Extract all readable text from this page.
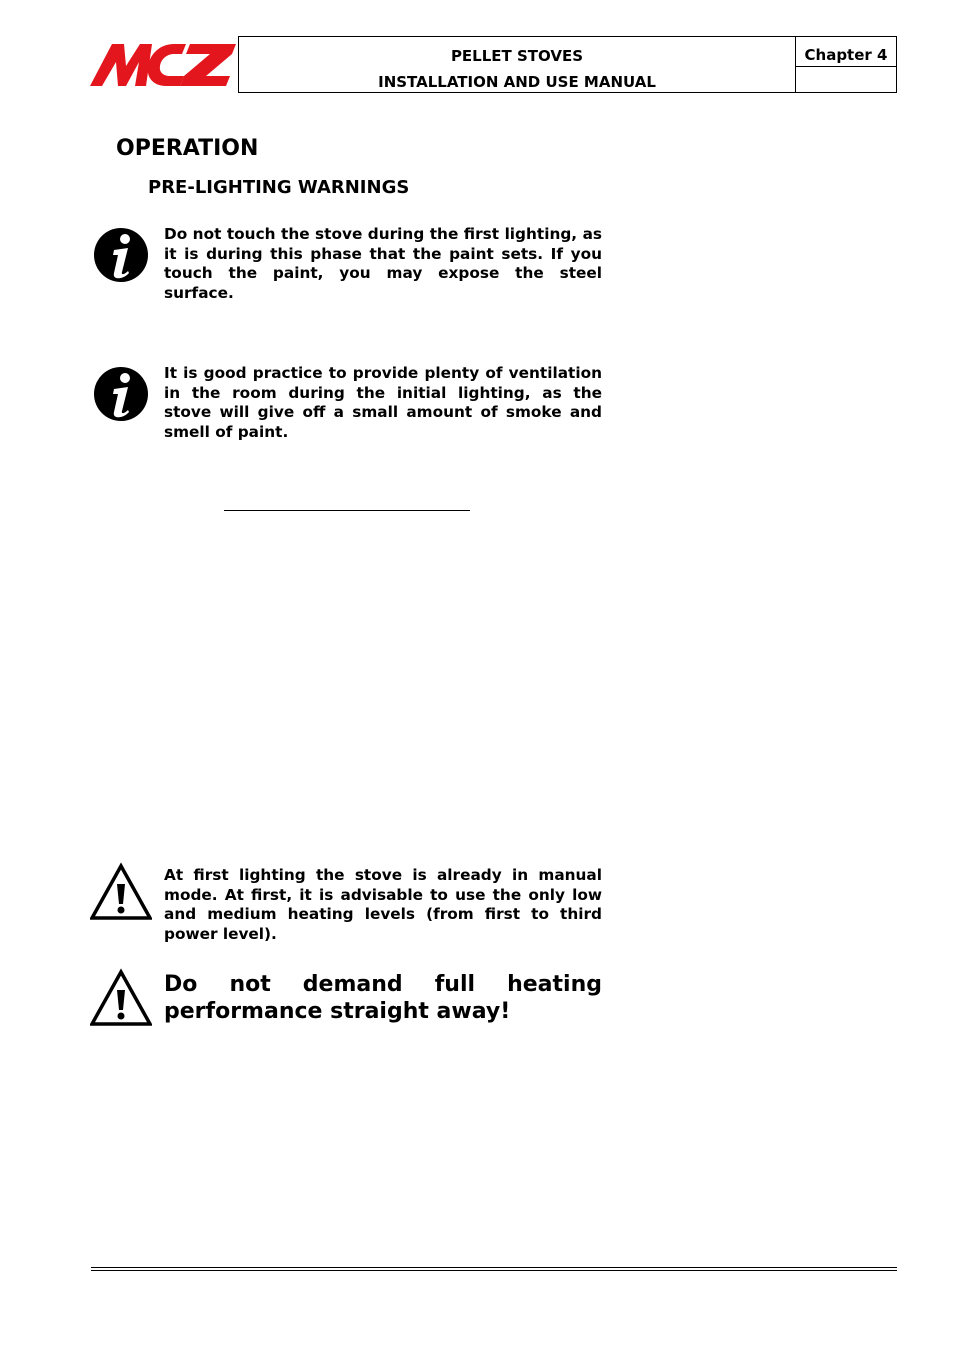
PELLET STOVES
INSTALLATION AND USE MANUAL
Chapter 4
OPERATION
PRE-LIGHTING WARNINGS
Do not touch the stove during the first lighting, as it is during this phase that the paint sets. If you touch the paint, you may expose the steel surface.
It is good practice to provide plenty of ventilation in the room during the initial lighting, as the stove will give off a small amount of smoke and smell of paint.
At first lighting the stove is already in manual mode. At first, it is advisable to use the only low and medium heating levels (from first to third power level).
Do not demand full heating
performance straight away!
